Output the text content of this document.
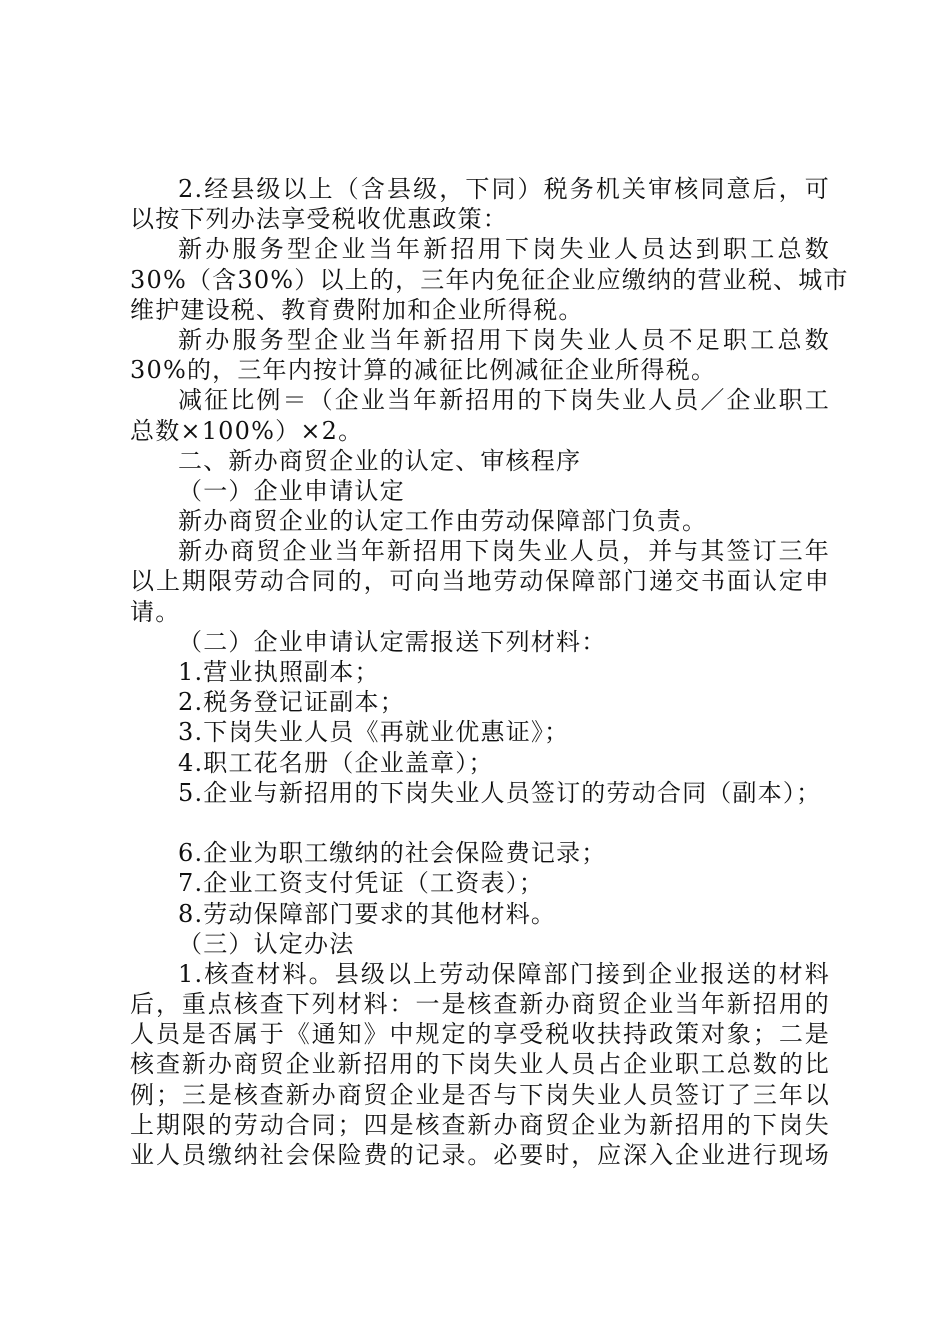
2.经县级以上（含县级，下同）税务机关审核同意后，可
以按下列办法享受税收优惠政策：
新办服务型企业当年新招用下岗失业人员达到职工总数
30%（含30%）以上的，三年内免征企业应缴纳的营业税、城市
维护建设税、教育费附加和企业所得税。
新办服务型企业当年新招用下岗失业人员不足职工总数
30%的，三年内按计算的减征比例减征企业所得税。
减征比例＝（企业当年新招用的下岗失业人员／企业职工
总数×100%）×2。
二、新办商贸企业的认定、审核程序
（一）企业申请认定
新办商贸企业的认定工作由劳动保障部门负责。
新办商贸企业当年新招用下岗失业人员，并与其签订三年
以上期限劳动合同的，可向当地劳动保障部门递交书面认定申
请。
（二）企业申请认定需报送下列材料：
1.营业执照副本；
2.税务登记证副本；
3.下岗失业人员《再就业优惠证》；
4.职工花名册（企业盖章）；
5.企业与新招用的下岗失业人员签订的劳动合同（副本）；
6.企业为职工缴纳的社会保险费记录；
7.企业工资支付凭证（工资表）；
8.劳动保障部门要求的其他材料。
（三）认定办法
1.核查材料。县级以上劳动保障部门接到企业报送的材料
后，重点核查下列材料：一是核查新办商贸企业当年新招用的
人员是否属于《通知》中规定的享受税收扶持政策对象；二是
核查新办商贸企业新招用的下岗失业人员占企业职工总数的比
例；三是核查新办商贸企业是否与下岗失业人员签订了三年以
上期限的劳动合同；四是核查新办商贸企业为新招用的下岗失
业人员缴纳社会保险费的记录。必要时，应深入企业进行现场
